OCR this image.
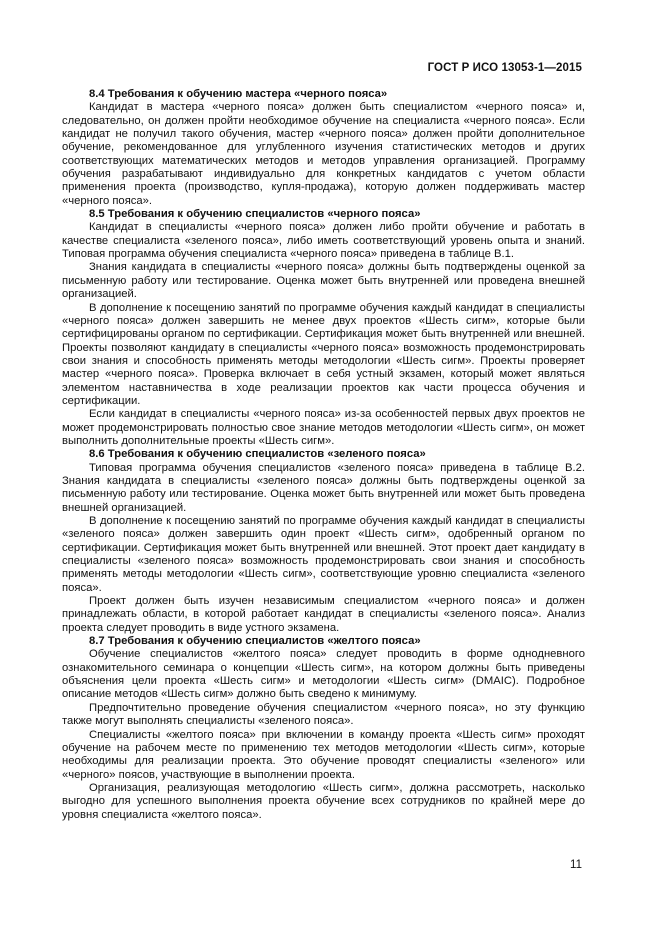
ГОСТ Р ИСО 13053-1—2015
8.4 Требования к обучению мастера «черного пояса»

Кандидат в мастера «черного пояса» должен быть специалистом «черного пояса» и, следовательно, он должен пройти необходимое обучение на специалиста «черного пояса». Если кандидат не получил такого обучения, мастер «черного пояса» должен пройти дополнительное обучение, рекомендованное для углубленного изучения статистических методов и других соответствующих математических методов и методов управления организацией. Программу обучения разрабатывают индивидуально для конкретных кандидатов с учетом области применения проекта (производство, купля-продажа), которую должен поддерживать мастер «черного пояса».

8.5 Требования к обучению специалистов «черного пояса»

Кандидат в специалисты «черного пояса» должен либо пройти обучение и работать в качестве специалиста «зеленого пояса», либо иметь соответствующий уровень опыта и знаний. Типовая программа обучения специалиста «черного пояса» приведена в таблице В.1.

Знания кандидата в специалисты «черного пояса» должны быть подтверждены оценкой за письменную работу или тестирование. Оценка может быть внутренней или проведена внешней организацией.

В дополнение к посещению занятий по программе обучения каждый кандидат в специалисты «черного пояса» должен завершить не менее двух проектов «Шесть сигм», которые были сертифицированы органом по сертификации. Сертификация может быть внутренней или внешней. Проекты позволяют кандидату в специалисты «черного пояса» возможность продемонстрировать свои знания и способность применять методы методологии «Шесть сигм». Проекты проверяет мастер «черного пояса». Проверка включает в себя устный экзамен, который может являться элементом наставничества в ходе реализации проектов как части процесса обучения и сертификации.

Если кандидат в специалисты «черного пояса» из-за особенностей первых двух проектов не может продемонстрировать полностью свое знание методов методологии «Шесть сигм», он может выполнить дополнительные проекты «Шесть сигм».

8.6 Требования к обучению специалистов «зеленого пояса»

Типовая программа обучения специалистов «зеленого пояса» приведена в таблице В.2. Знания кандидата в специалисты «зеленого пояса» должны быть подтверждены оценкой за письменную работу или тестирование. Оценка может быть внутренней или может быть проведена внешней организацией.

В дополнение к посещению занятий по программе обучения каждый кандидат в специалисты «зеленого пояса» должен завершить один проект «Шесть сигм», одобренный органом по сертификации. Сертификация может быть внутренней или внешней. Этот проект дает кандидату в специалисты «зеленого пояса» возможность продемонстрировать свои знания и способность применять методы методологии «Шесть сигм», соответствующие уровню специалиста «зеленого пояса».

Проект должен быть изучен независимым специалистом «черного пояса» и должен принадлежать области, в которой работает кандидат в специалисты «зеленого пояса». Анализ проекта следует проводить в виде устного экзамена.

8.7 Требования к обучению специалистов «желтого пояса»

Обучение специалистов «желтого пояса» следует проводить в форме однодневного ознакомительного семинара о концепции «Шесть сигм», на котором должны быть приведены объяснения цели проекта «Шесть сигм» и методологии «Шесть сигм» (DMAIC). Подробное описание методов «Шесть сигм» должно быть сведено к минимуму.

Предпочтительно проведение обучения специалистом «черного пояса», но эту функцию также могут выполнять специалисты «зеленого пояса».

Специалисты «желтого пояса» при включении в команду проекта «Шесть сигм» проходят обучение на рабочем месте по применению тех методов методологии «Шесть сигм», которые необходимы для реализации проекта. Это обучение проводят специалисты «зеленого» или «черного» поясов, участвующие в выполнении проекта.

Организация, реализующая методологию «Шесть сигм», должна рассмотреть, насколько выгодно для успешного выполнения проекта обучение всех сотрудников по крайней мере до уровня специалиста «желтого пояса».

11
